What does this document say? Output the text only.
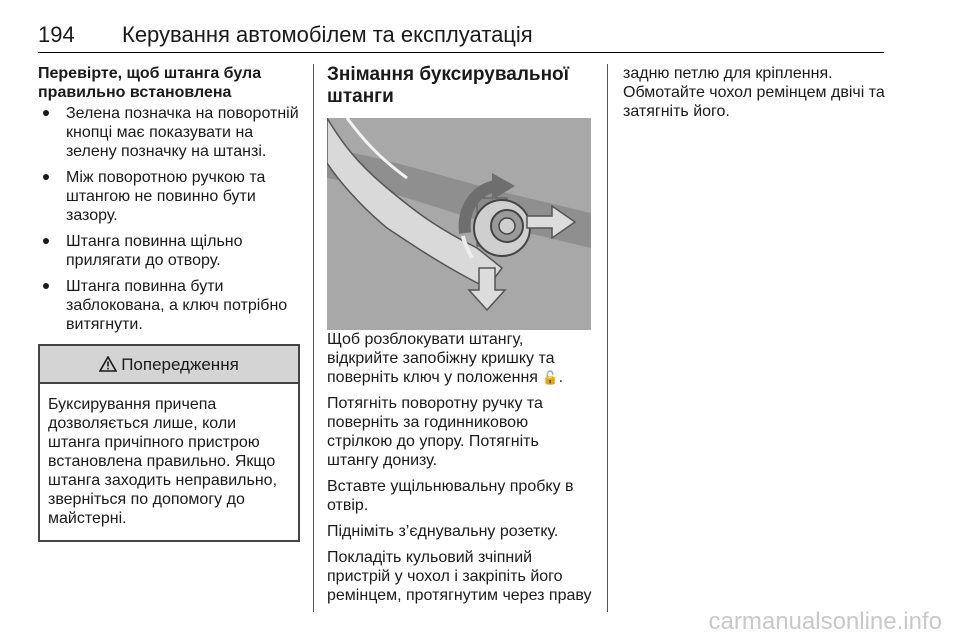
194 Керування автомобілем та експлуатація
Перевірте, щоб штанга була правильно встановлена
Зелена позначка на поворотній кнопці має показувати на зелену позначку на штанзі.
Між поворотною ручкою та штангою не повинно бути зазору.
Штанга повинна щільно прилягати до отвору.
Штанга повинна бути заблокована, а ключ потрібно витягнути.
Попередження
Буксирування причепа дозволяється лише, коли штанга причіпного пристрою встановлена правильно. Якщо штанга заходить неправильно, зверніться по допомогу до майстерні.
Знімання буксирувальної штанги

Щоб розблокувати штангу, відкрийте запобіжну кришку та поверніть ключ у положення 🔓.

Потягніть поворотну ручку та поверніть за годинниковою стрілкою до упору. Потягніть штангу донизу.

Вставте ущільнювальну пробку в отвір.

Підніміть з’єднувальну розетку.

Покладіть кульовий зчіпний пристрій у чохол і закріпіть його ремінцем, протягнутим через праву

задню петлю для кріплення.

Обмотайте чохол ремінцем двічі та затягніть його.

carmanualsonline.info
